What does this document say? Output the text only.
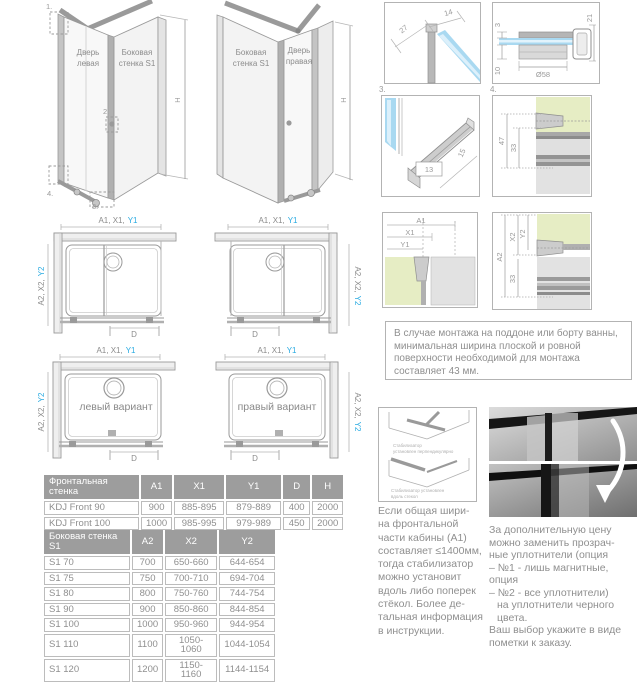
H
1.
2.
3.
4.
Дверь
левая
Боковая
стенка S1
H
Боковая
стенка S1
Дверь
правая
A1, X1, Y1
A2, X2,Y2
D
A1, X1, Y1
A2, X2,Y2
D
A1, X1, Y1
A2, X2,Y2
левый вариант
D
A1, X1, Y1
A2, X2,Y2
правый вариант
D
14
27	3
10	Ø58
21
3.
15
13
4.
47
33
A1
X1
Y1
A2
X2 Y2
33
В случае монтажа на поддоне или борту ванны, минимальная ширина плоской и ровной поверхности необходимой для монтажа составляет 43 мм.
Стабилизатор
установлен перпендикулярно
Стабилизатор установлен
вдоль стекол
Фронтальная стенка	A1	X1	Y1	D	H
KDJ Front 90	900	885-895	879-889	400	2000
KDJ Front 100	1000	985-995	979-989	450	2000
Боковая стенка S1	A2	X2	Y2
S1 70	700	650-660	644-654
S1 75	750	700-710	694-704
S1 80	800	750-760	744-754
S1 90	900	850-860	844-854
S1 100	1000	950-960	944-954
S1 110	1100	1050-1060	1044-1054
S1 120	1200	1150-1160	1144-1154
Если общая шири-
на фронтальной
части кабины (A1)
составляет ≤1400мм,
тогда стабилизатор
можно установит
вдоль либо поперек
стёкол. Более де-
тальная информация
в инструкции.
За дополнительную цену
можно заменить прозрач-
ные уплотнители (опция
– №1 - лишь магнитные,
опция
– №2 - все уплотнители)
на уплотнители черного
цвета.
Ваш выбор укажите в виде
пометки к заказу.
